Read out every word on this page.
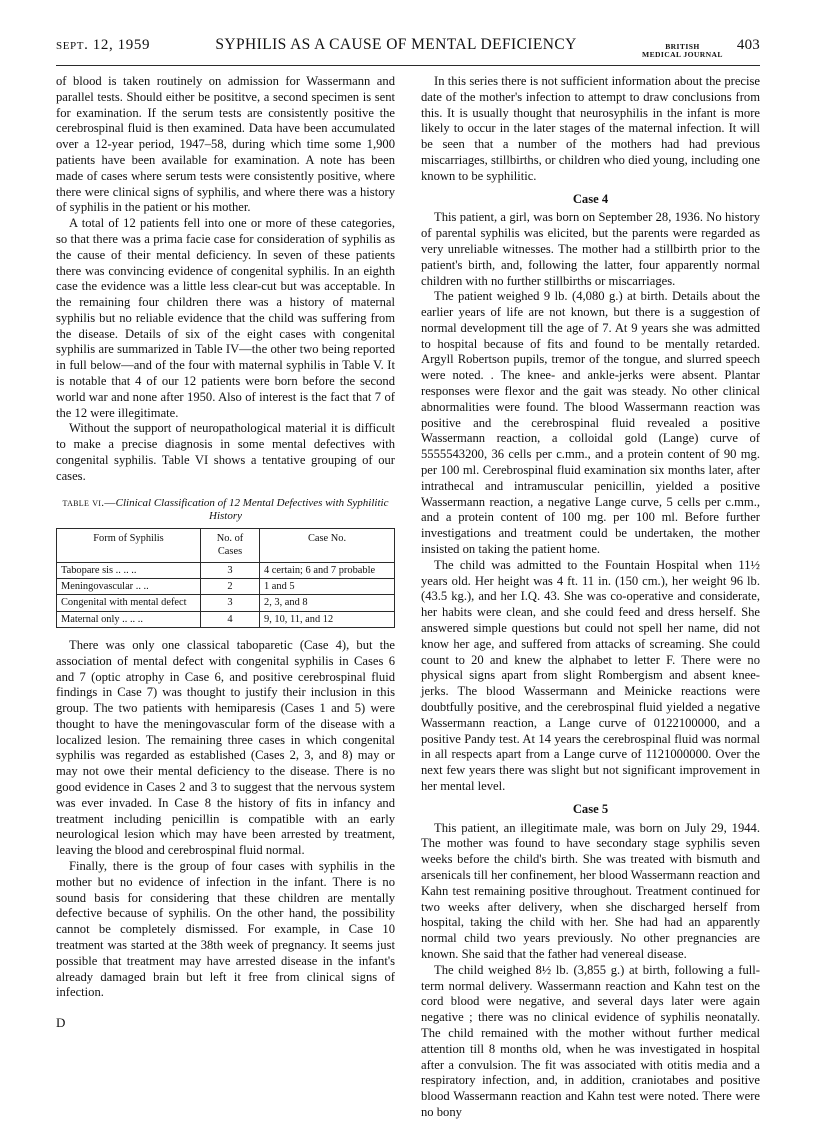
sept. 12, 1959	SYPHILIS AS A CAUSE OF MENTAL DEFICIENCY	BRITISH
MEDICAL JOURNAL
403

of blood is taken routinely on admission for Wassermann and parallel tests. Should either be posititve, a second specimen is sent for examination. If the serum tests are consistently positive the cerebrospinal fluid is then examined. Data have been accumulated over a 12-year period, 1947–58, during which time some 1,900 patients have been available for examination. A note has been made of cases where serum tests were consistently positive, where there were clinical signs of syphilis, and where there was a history of syphilis in the patient or his mother.

A total of 12 patients fell into one or more of these categories, so that there was a prima facie case for consideration of syphilis as the cause of their mental deficiency. In seven of these patients there was convincing evidence of congenital syphilis. In an eighth case the evidence was a little less clear-cut but was acceptable. In the remaining four children there was a history of maternal syphilis but no reliable evidence that the child was suffering from the disease. Details of six of the eight cases with congenital syphilis are summarized in Table IV—the other two being reported in full below—and of the four with maternal syphilis in Table V. It is notable that 4 of our 12 patients were born before the second world war and none after 1950. Also of interest is the fact that 7 of the 12 were illegitimate.

Without the support of neuropathological material it is difficult to make a precise diagnosis in some mental defectives with congenital syphilis. Table VI shows a tentative grouping of our cases.

table vi.—Clinical Classification of 12 Mental Defectives with Syphilitic History
Form of Syphilis	No. of Cases	Case No.
Tabopare sis .. .. ..	3	4 certain; 6 and 7 probable
Meningovascular .. ..	2	1 and 5
Congenital with mental defect	3	2, 3, and 8
Maternal only .. .. ..	4	9, 10, 11, and 12

There was only one classical taboparetic (Case 4), but the association of mental defect with congenital syphilis in Cases 6 and 7 (optic atrophy in Case 6, and positive cerebrospinal fluid findings in Case 7) was thought to justify their inclusion in this group. The two patients with hemiparesis (Cases 1 and 5) were thought to have the meningovascular form of the disease with a localized lesion. The remaining three cases in which congenital syphilis was regarded as established (Cases 2, 3, and 8) may or may not owe their mental deficiency to the disease. There is no good evidence in Cases 2 and 3 to suggest that the nervous system was ever invaded. In Case 8 the history of fits in infancy and treatment including penicillin is compatible with an early neurological lesion which may have been arrested by treatment, leaving the blood and cerebrospinal fluid normal.

Finally, there is the group of four cases with syphilis in the mother but no evidence of infection in the infant. There is no sound basis for considering that these children are mentally defective because of syphilis. On the other hand, the possibility cannot be completely dismissed. For example, in Case 10 treatment was started at the 38th week of pregnancy. It seems just possible that treatment may have arrested disease in the infant's already damaged brain but left it free from clinical signs of infection.

D

In this series there is not sufficient information about the precise date of the mother's infection to attempt to draw conclusions from this. It is usually thought that neurosyphilis in the infant is more likely to occur in the later stages of the maternal infection. It will be seen that a number of the mothers had had previous miscarriages, stillbirths, or children who died young, including one known to be syphilitic.

Case 4

This patient, a girl, was born on September 28, 1936. No history of parental syphilis was elicited, but the parents were regarded as very unreliable witnesses. The mother had a stillbirth prior to the patient's birth, and, following the latter, four apparently normal children with no further stillbirths or miscarriages.

The patient weighed 9 lb. (4,080 g.) at birth. Details about the earlier years of life are not known, but there is a suggestion of normal development till the age of 7. At 9 years she was admitted to hospital because of fits and found to be mentally retarded. Argyll Robertson pupils, tremor of the tongue, and slurred speech were noted. . The knee- and ankle-jerks were absent. Plantar responses were flexor and the gait was steady. No other clinical abnormalities were found. The blood Wassermann reaction was positive and the cerebrospinal fluid revealed a positive Wassermann reaction, a colloidal gold (Lange) curve of 5555543200, 36 cells per c.mm., and a protein content of 90 mg. per 100 ml. Cerebrospinal fluid examination six months later, after intrathecal and intramuscular penicillin, yielded a positive Wassermann reaction, a negative Lange curve, 5 cells per c.mm., and a protein content of 100 mg. per 100 ml. Before further investigations and treatment could be undertaken, the mother insisted on taking the patient home.

The child was admitted to the Fountain Hospital when 11½ years old. Her height was 4 ft. 11 in. (150 cm.), her weight 96 lb. (43.5 kg.), and her I.Q. 43. She was co-operative and considerate, her habits were clean, and she could feed and dress herself. She answered simple questions but could not spell her name, did not know her age, and suffered from attacks of screaming. She could count to 20 and knew the alphabet to letter F. There were no physical signs apart from slight Rombergism and absent knee-jerks. The blood Wassermann and Meinicke reactions were doubtfully positive, and the cerebrospinal fluid yielded a negative Wassermann reaction, a Lange curve of 0122100000, and a positive Pandy test. At 14 years the cerebrospinal fluid was normal in all respects apart from a Lange curve of 1121000000. Over the next few years there was slight but not significant improvement in her mental level.

Case 5

This patient, an illegitimate male, was born on July 29, 1944. The mother was found to have secondary stage syphilis seven weeks before the child's birth. She was treated with bismuth and arsenicals till her confinement, her blood Wassermann reaction and Kahn test remaining positive throughout. Treatment continued for two weeks after delivery, when she discharged herself from hospital, taking the child with her. She had had an apparently normal child two years previously. No other pregnancies are known. She said that the father had venereal disease.

The child weighed 8½ lb. (3,855 g.) at birth, following a full-term normal delivery. Wassermann reaction and Kahn test on the cord blood were negative, and several days later were again negative ; there was no clinical evidence of syphilis neonatally. The child remained with the mother without further medical attention till 8 months old, when he was investigated in hospital after a convulsion. The fit was associated with otitis media and a respiratory infection, and, in addition, craniotabes and positive blood Wassermann reaction and Kahn test were noted. There were no bony
